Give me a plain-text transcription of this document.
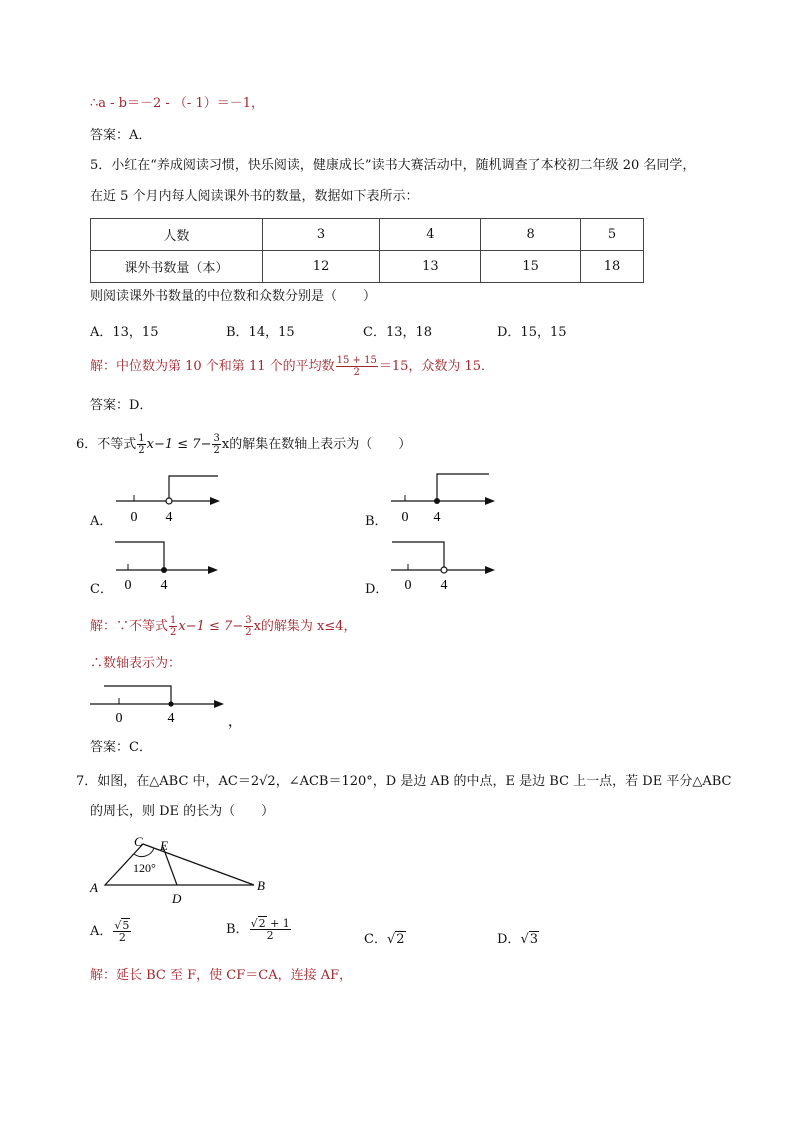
∴a - b＝－2 - （- 1）＝－1，
答案：A．
5．小红在“养成阅读习惯，快乐阅读，健康成长”读书大赛活动中，随机调查了本校初二年级 20 名同学，
在近 5 个月内每人阅读课外书的数量，数据如下表所示：
人数	3	4	8	5
课外书数量（本）	12	13	15	18
则阅读课外书数量的中位数和众数分别是（　　）
A．13，15	B．14，15	C．13，18	D．15，15
解：中位数为第 10 个和第 11 个的平均数 $\frac{15 + 15}{2} =15$，众数为 15．
答案：D．
6．不等式 $\frac{1}{2} x-1 \le 7- \frac{3}{2}$ x的解集在数轴上表示为（　　）
A． 0 4	B． 0 4
C． 0 4	D． 0 4
解：∵不等式 $\frac{1}{2} x-1 \le 7- \frac{3}{2}$ x的解集为 x≤4，
∴数轴表示为：
0	4	，
答案：C．
7．如图，在△ABC 中，AC＝2√2，∠ACB＝120°，D 是边 AB 的中点，E 是边 BC 上一点，若 DE 平分△ABC
的周长，则 DE 的长为（　　）
C E
A	B
D
120°
A． $\frac{√5}{2}$	B． $\frac{√2 + 1}{2}$	C．√2	D．√3
解：延长 BC 至 F，使 CF＝CA，连接 AF，
